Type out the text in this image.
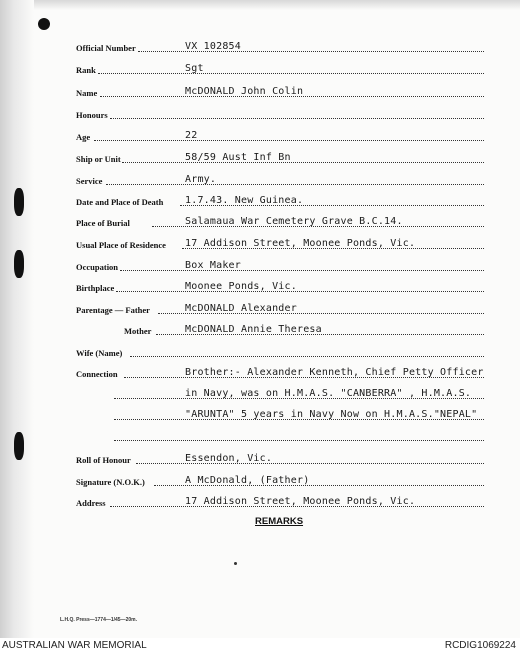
Official Number	VX 102854
Rank	Sgt
Name	McDONALD John Colin
Honours
Age	22
Ship or Unit	58/59 Aust Inf Bn
Service	Army.
Date and Place of Death 1.7.43. New Guinea.
Place of Burial	Salamaua War Cemetery Grave B.C.14.
Usual Place of Residence 17 Addison Street, Moonee Ponds, Vic.
Occupation	Box Maker
Birthplace	Moonee Ponds, Vic.
Parentage — Father	McDONALD Alexander
Mother	McDONALD Annie Theresa
Wife (Name)
Connection	Brother:- Alexander Kenneth, Chief Petty Officer
in Navy, was on H.M.A.S. "CANBERRA" , H.M.A.S.
"ARUNTA" 5 years in Navy Now on H.M.A.S."NEPAL"
Roll of Honour	Essendon, Vic.
Signature (N.O.K.)	A McDonald, (Father)
Address	17 Addison Street, Moonee Ponds, Vic.
REMARKS
L.H.Q. Press—1774—1/45—20m.
AUSTRALIAN WAR MEMORIAL	RCDIG1069224
